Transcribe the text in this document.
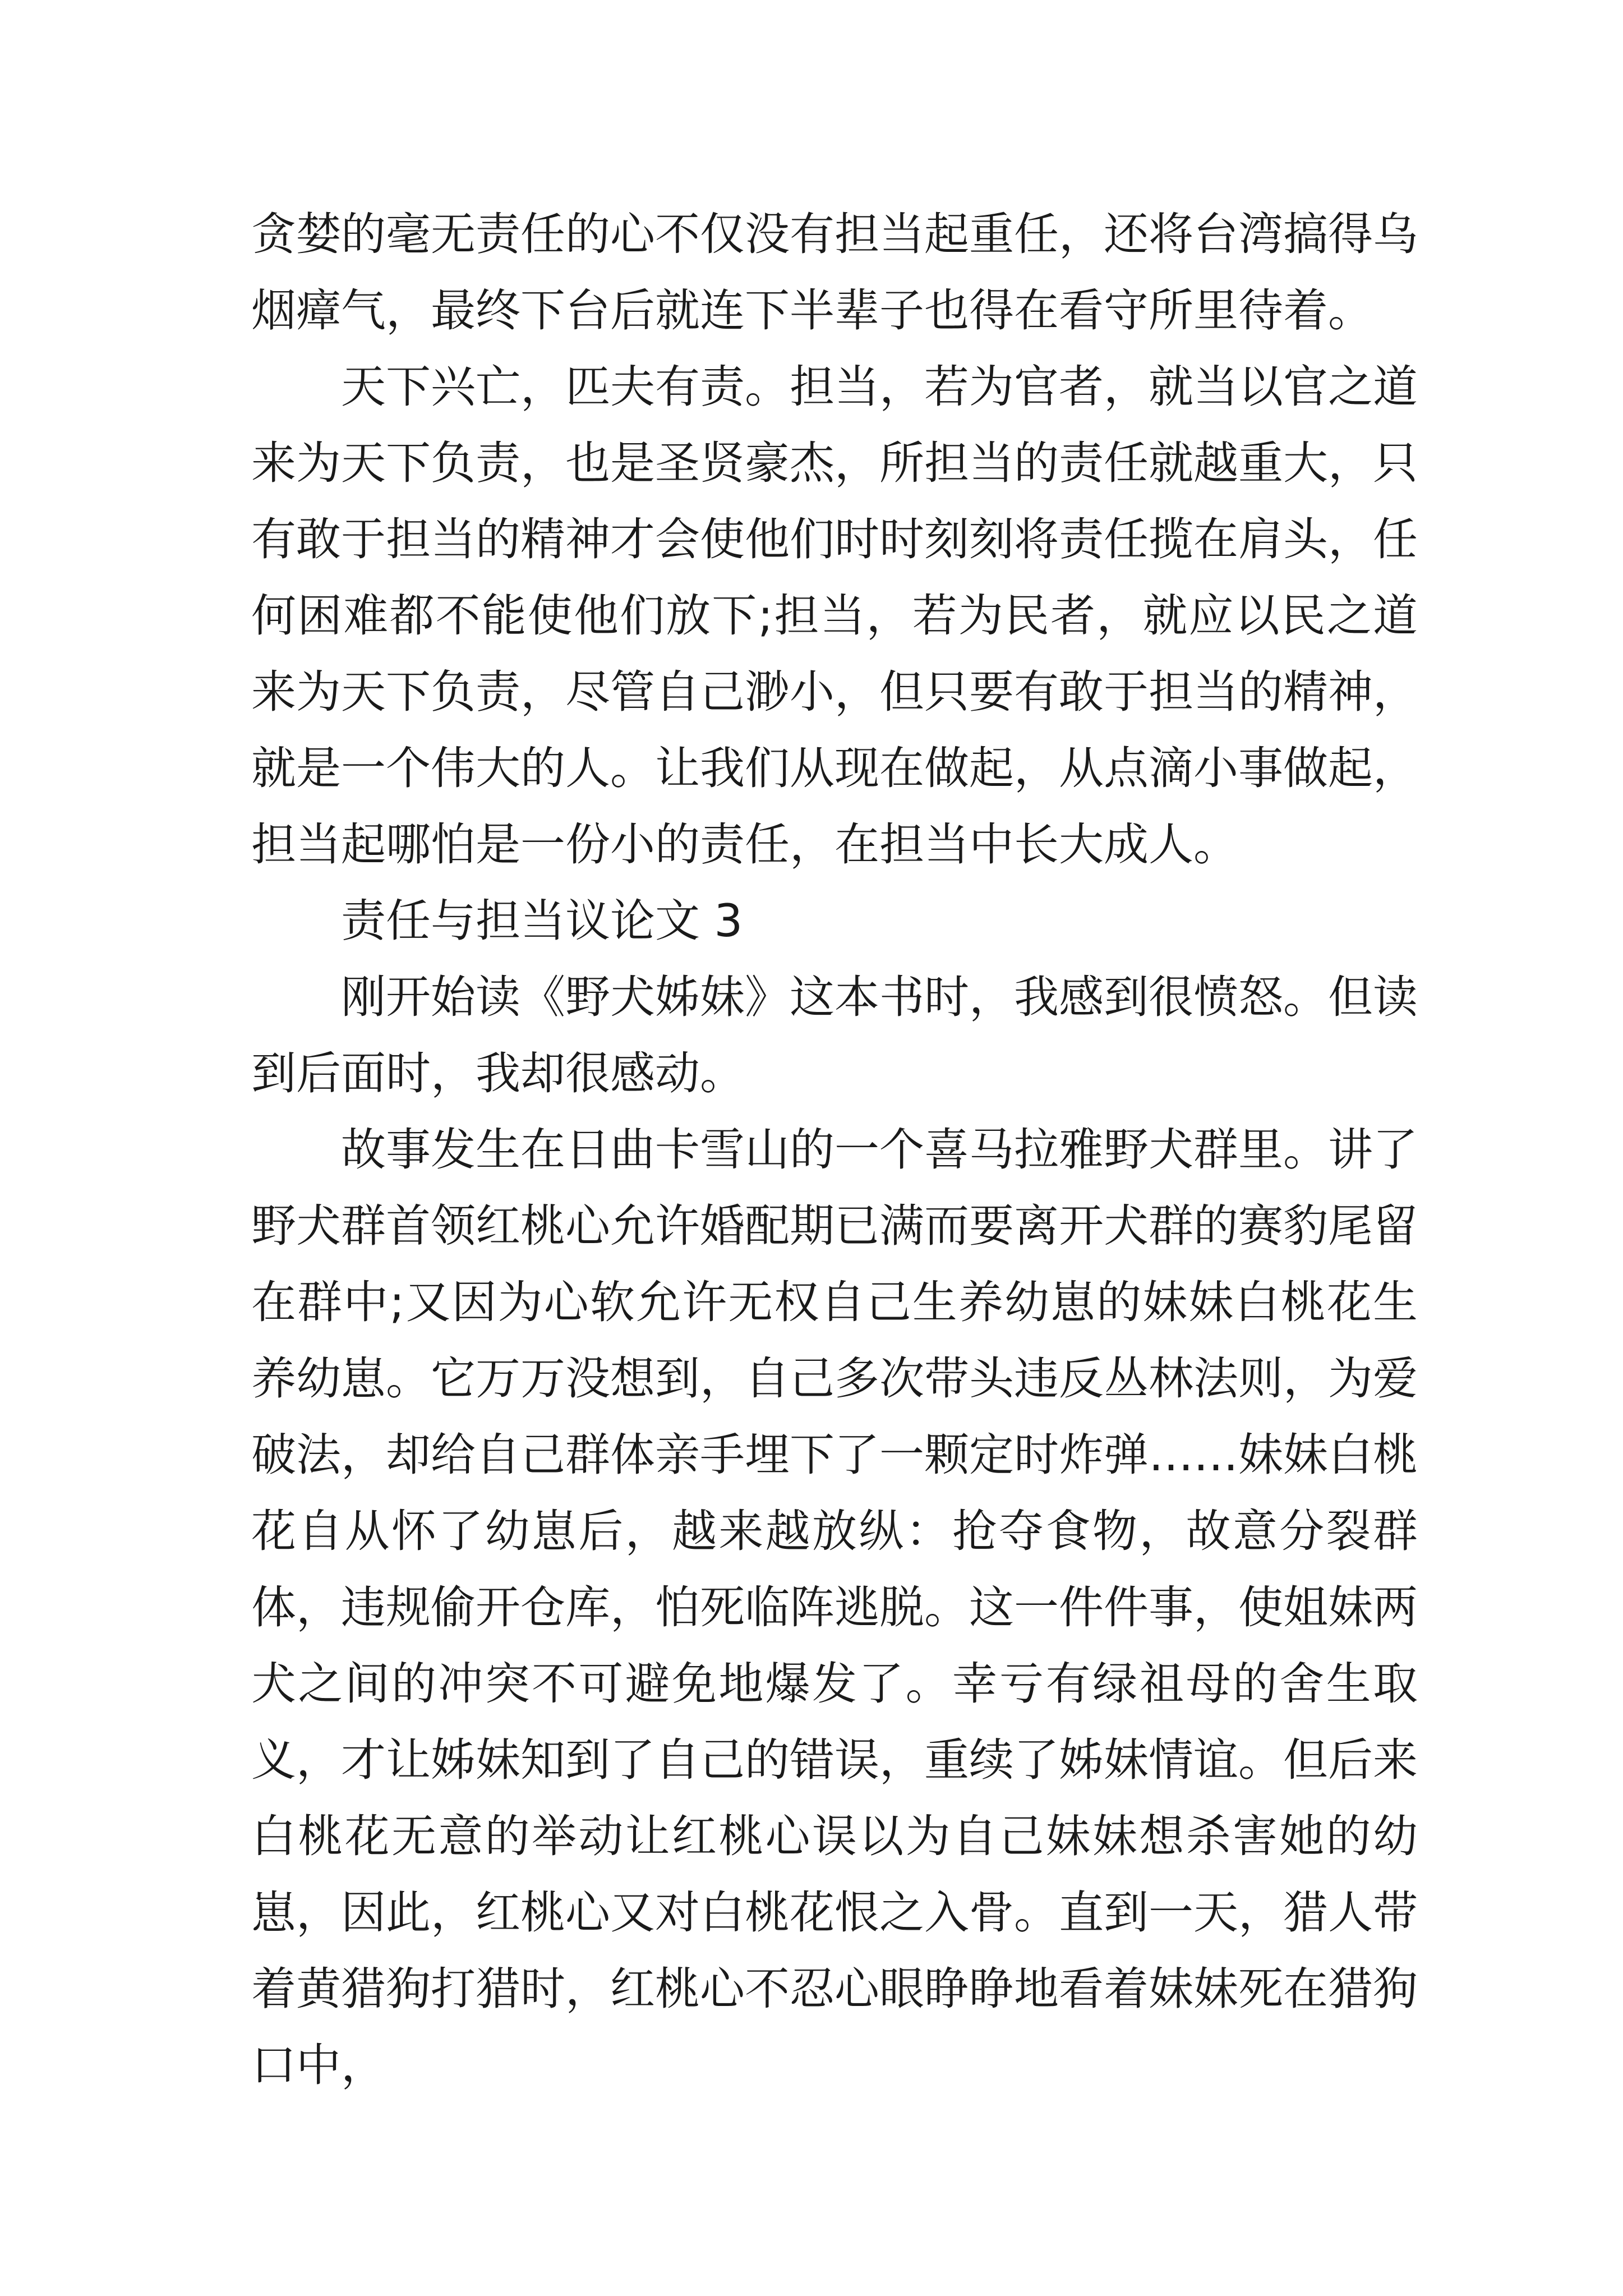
贪婪的毫无责任的心不仅没有担当起重任，还将台湾搞得乌烟瘴气，最终下台后就连下半辈子也得在看守所里待着。

天下兴亡，匹夫有责。担当，若为官者，就当以官之道来为天下负责，也是圣贤豪杰，所担当的责任就越重大，只有敢于担当的精神才会使他们时时刻刻将责任揽在肩头，任何困难都不能使他们放下;担当，若为民者，就应以民之道来为天下负责，尽管自己渺小，但只要有敢于担当的精神，就是一个伟大的人。让我们从现在做起，从点滴小事做起，担当起哪怕是一份小的责任，在担当中长大成人。

责任与担当议论文 3

刚开始读《野犬姊妹》这本书时，我感到很愤怒。但读到后面时，我却很感动。

故事发生在日曲卡雪山的一个喜马拉雅野犬群里。讲了野犬群首领红桃心允许婚配期已满而要离开犬群的赛豹尾留在群中;又因为心软允许无权自己生养幼崽的妹妹白桃花生养幼崽。它万万没想到，自己多次带头违反丛林法则，为爱破法，却给自己群体亲手埋下了一颗定时炸弹……妹妹白桃花自从怀了幼崽后，越来越放纵：抢夺食物，故意分裂群体，违规偷开仓库，怕死临阵逃脱。这一件件事，使姐妹两犬之间的冲突不可避免地爆发了。幸亏有绿祖母的舍生取义，才让姊妹知到了自己的错误，重续了姊妹情谊。但后来白桃花无意的举动让红桃心误以为自己妹妹想杀害她的幼崽，因此，红桃心又对白桃花恨之入骨。直到一天，猎人带着黄猎狗打猎时，红桃心不忍心眼睁睁地看着妹妹死在猎狗口中，
